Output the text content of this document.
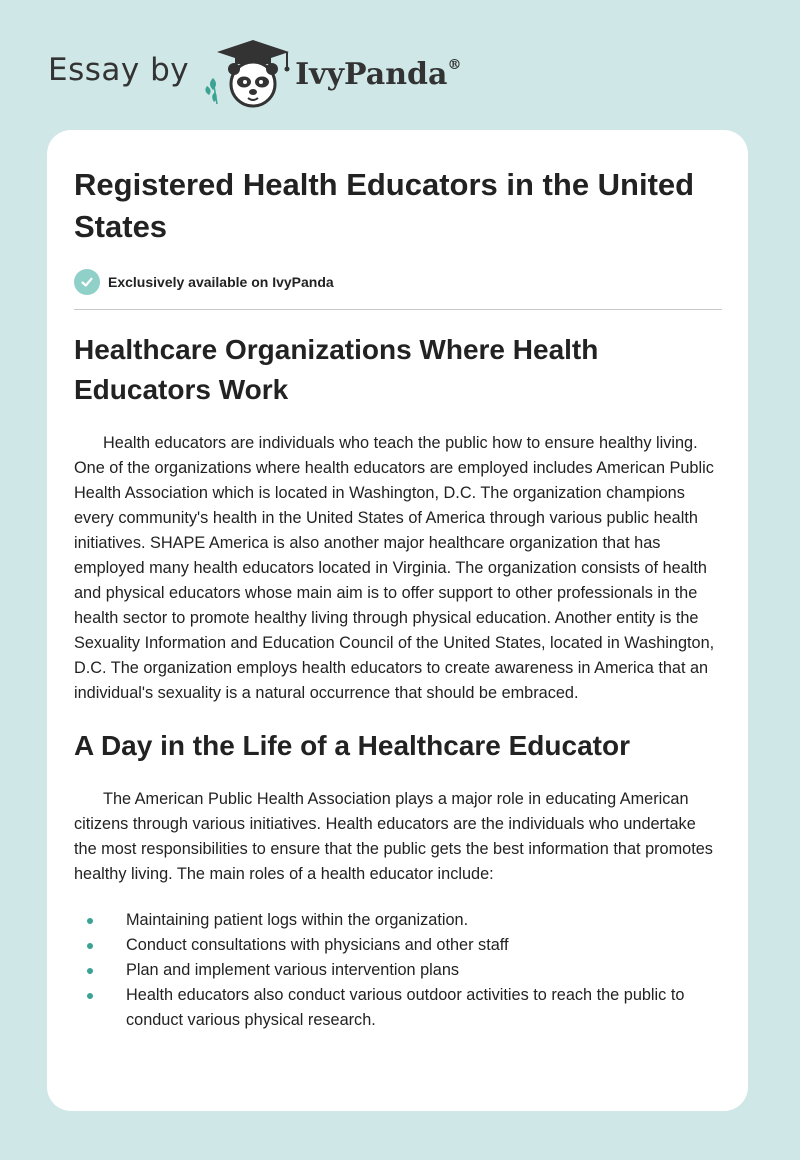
Essay by	IvyPanda®
Registered Health Educators in the United States
Exclusively available on IvyPanda
Healthcare Organizations Where Health Educators Work

Health educators are individuals who teach the public how to ensure healthy living. One of the organizations where health educators are employed includes American Public Health Association which is located in Washington, D.C. The organization champions every community's health in the United States of America through various public health initiatives. SHAPE America is also another major healthcare organization that has employed many health educators located in Virginia. The organization consists of health and physical educators whose main aim is to offer support to other professionals in the health sector to promote healthy living through physical education. Another entity is the Sexuality Information and Education Council of the United States, located in Washington, D.C. The organization employs health educators to create awareness in America that an individual's sexuality is a natural occurrence that should be embraced.

A Day in the Life of a Healthcare Educator

The American Public Health Association plays a major role in educating American citizens through various initiatives. Health educators are the individuals who undertake the most responsibilities to ensure that the public gets the best information that promotes healthy living. The main roles of a health educator include:

Maintaining patient logs within the organization.
Conduct consultations with physicians and other staff
Plan and implement various intervention plans
Health educators also conduct various outdoor activities to reach the public to conduct various physical research.
